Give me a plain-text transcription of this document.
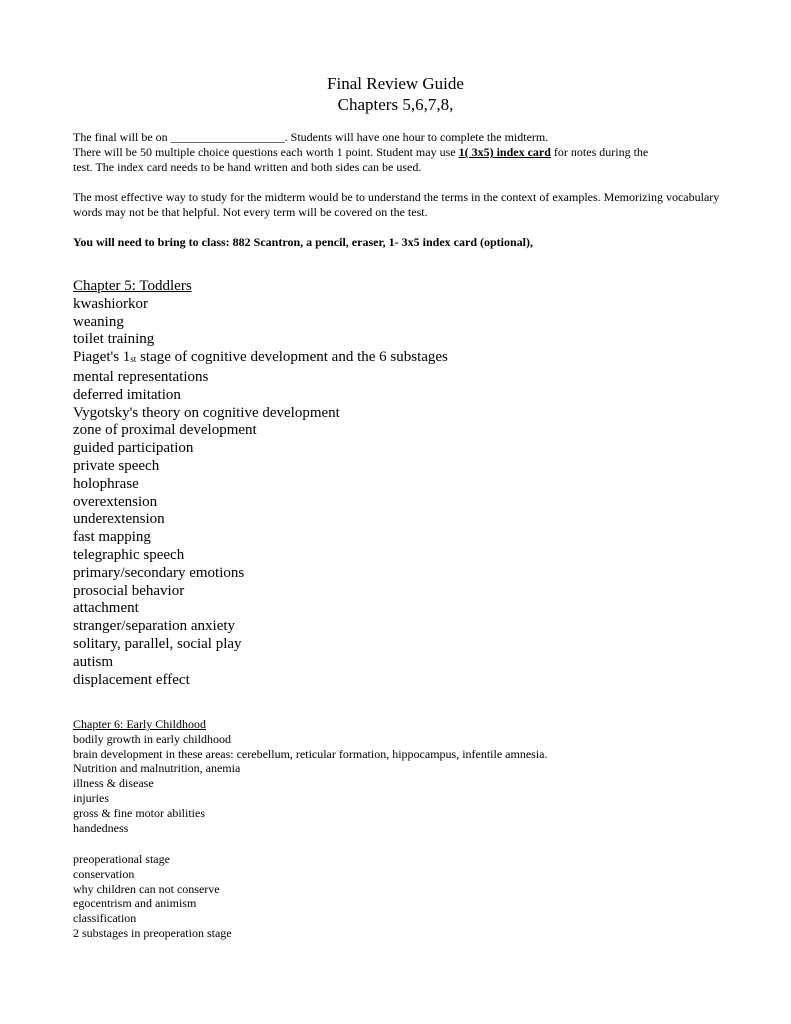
Final Review Guide
Chapters 5,6,7,8,

The final will be on ___________________. Students will have one hour to complete the midterm.

There will be 50 multiple choice questions each worth 1 point. Student may use 1( 3x5) index card for notes during the

test. The index card needs to be hand written and both sides can be used.

The most effective way to study for the midterm would be to understand the terms in the context of examples. Memorizing vocabulary words may not be that helpful. Not every term will be covered on the test.

You will need to bring to class: 882 Scantron, a pencil, eraser, 1- 3x5 index card (optional),

Chapter 5: Toddlers
kwashiorkor
weaning
toilet training
Piaget's 1st stage of cognitive development and the 6 substages
mental representations
deferred imitation
Vygotsky's theory on cognitive development
zone of proximal development
guided participation
private speech
holophrase
overextension
underextension
fast mapping
telegraphic speech
primary/secondary emotions
prosocial behavior
attachment
stranger/separation anxiety
solitary, parallel, social play
autism
displacement effect
Chapter 6: Early Childhood
bodily growth in early childhood
brain development in these areas: cerebellum, reticular formation, hippocampus, infentile amnesia.
Nutrition and malnutrition, anemia
illness & disease
injuries
gross & fine motor abilities
handedness
preoperational stage
conservation
why children can not conserve
egocentrism and animism
classification
2 substages in preoperation stage
